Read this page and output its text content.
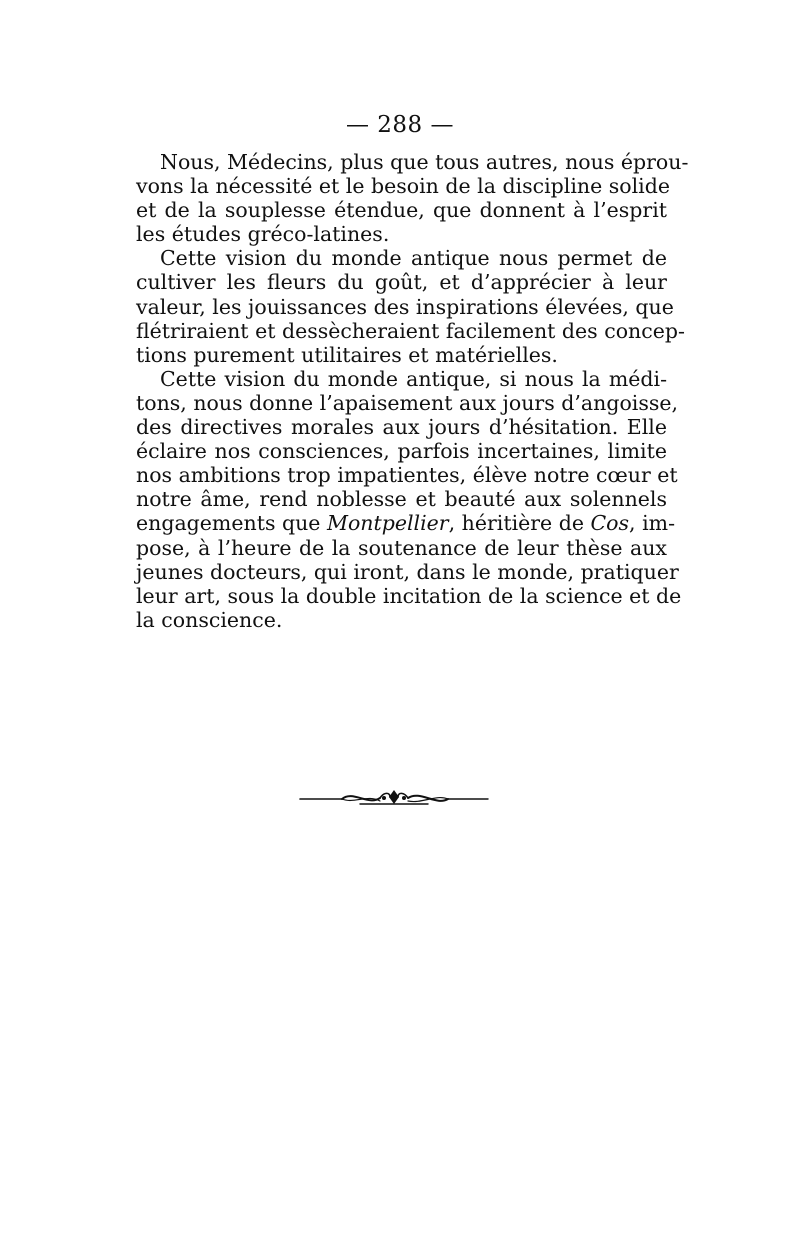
— 288 —
Nous, Médecins, plus que tous autres, nous éprou-
vons la nécessité et le besoin de la discipline solide
et de la souplesse étendue, que donnent à l’esprit
les études gréco-latines.
Cette vision du monde antique nous permet de
cultiver les fleurs du goût, et d’apprécier à leur
valeur, les jouissances des inspirations élevées, que
flétriraient et dessècheraient facilement des concep-
tions purement utilitaires et matérielles.
Cette vision du monde antique, si nous la médi-
tons, nous donne l’apaisement aux jours d’angoisse,
des directives morales aux jours d’hésitation. Elle
éclaire nos consciences, parfois incertaines, limite
nos ambitions trop impatientes, élève notre cœur et
notre âme, rend noblesse et beauté aux solennels
engagements que Montpellier, héritière de Cos, im-
pose, à l’heure de la soutenance de leur thèse aux
jeunes docteurs, qui iront, dans le monde, pratiquer
leur art, sous la double incitation de la science et de
la conscience.
